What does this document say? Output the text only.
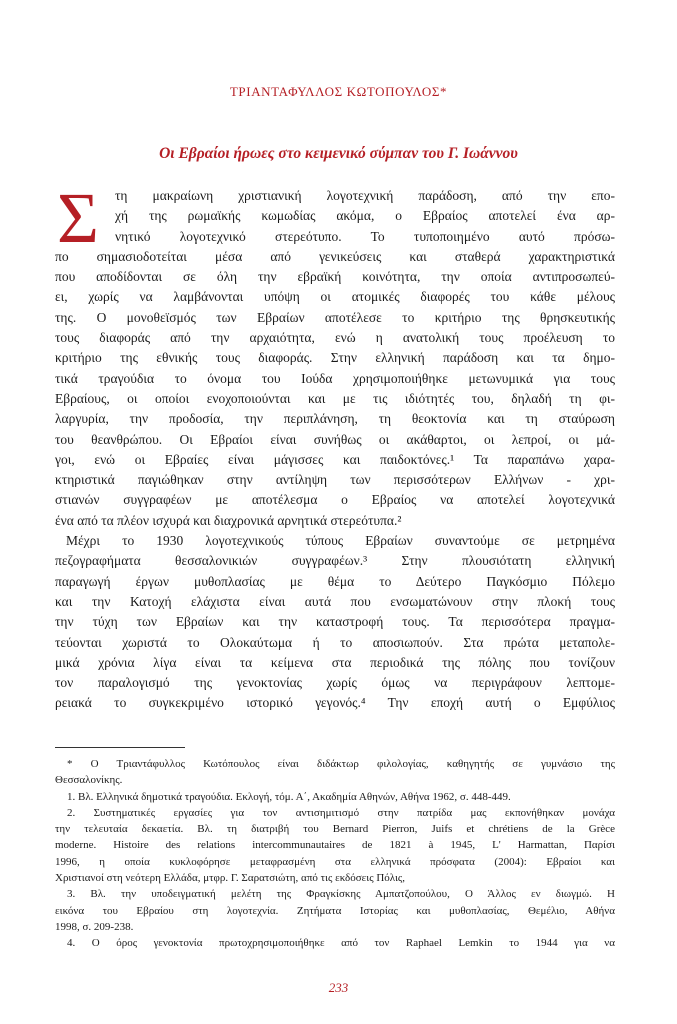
ΤΡΙΑΝΤΑΦΥΛΛΟΣ ΚΩΤΟΠΟΥΛΟΣ*
Οι Εβραίοι ήρωες στο κειμενικό σύμπαν του Γ. Ιωάννου
Σ	τη μακραίωνη χριστιανική λογοτεχνική παράδοση, από την επο-
χή της ρωμαϊκής κωμωδίας ακόμα, ο Εβραίος αποτελεί ένα αρ-
νητικό λογοτεχνικό στερεότυπο. Το τυποποιημένο αυτό πρόσω-
πο σημασιοδοτείται μέσα από γενικεύσεις και σταθερά χαρακτηριστικά
που αποδίδονται σε όλη την εβραϊκή κοινότητα, την οποία αντιπροσωπεύ-
ει, χωρίς να λαμβάνονται υπόψη οι ατομικές διαφορές του κάθε μέλους
της. Ο μονοθεϊσμός των Εβραίων αποτέλεσε το κριτήριο της θρησκευτικής
τους διαφοράς από την αρχαιότητα, ενώ η ανατολική τους προέλευση το
κριτήριο της εθνικής τους διαφοράς. Στην ελληνική παράδοση και τα δημο-
τικά τραγούδια το όνομα του Ιούδα χρησιμοποιήθηκε μετωνυμικά για τους
Εβραίους, οι οποίοι ενοχοποιούνται και με τις ιδιότητές του, δηλαδή τη φι-
λαργυρία, την προδοσία, την περιπλάνηση, τη θεοκτονία και τη σταύρωση
του θεανθρώπου. Οι Εβραίοι είναι συνήθως οι ακάθαρτοι, οι λεπροί, οι μά-
γοι, ενώ οι Εβραίες είναι μάγισσες και παιδοκτόνες.¹ Τα παραπάνω χαρα-
κτηριστικά παγιώθηκαν στην αντίληψη των περισσότερων Ελλήνων - χρι-
στιανών συγγραφέων με αποτέλεσμα ο Εβραίος να αποτελεί λογοτεχνικά
ένα από τα πλέον ισχυρά και διαχρονικά αρνητικά στερεότυπα.²
Μέχρι το 1930 λογοτεχνικούς τύπους Εβραίων συναντούμε σε μετρημένα
πεζογραφήματα θεσσαλονικιών συγγραφέων.³ Στην πλουσιότατη ελληνική
παραγωγή έργων μυθοπλασίας με θέμα το Δεύτερο Παγκόσμιο Πόλεμο
και την Κατοχή ελάχιστα είναι αυτά που ενσωματώνουν στην πλοκή τους
την τύχη των Εβραίων και την καταστροφή τους. Τα περισσότερα πραγμα-
τεύονται χωριστά το Ολοκαύτωμα ή το αποσιωπούν. Στα πρώτα μεταπολε-
μικά χρόνια λίγα είναι τα κείμενα στα περιοδικά της πόλης που τονίζουν
τον παραλογισμό της γενοκτονίας χωρίς όμως να περιγράφουν λεπτομε-
ρειακά το συγκεκριμένο ιστορικό γεγονός.⁴ Την εποχή αυτή ο Εμφύλιος
* Ο Τριαντάφυλλος Κωτόπουλος είναι διδάκτωρ φιλολογίας, καθηγητής σε γυμνάσιο της
Θεσσαλονίκης.
1. Βλ. Ελληνικά δημοτικά τραγούδια. Εκλογή, τόμ. Α΄, Ακαδημία Αθηνών, Αθήνα 1962, σ. 448-449.
2. Συστηματικές εργασίες για τον αντισημιτισμό στην πατρίδα μας εκπονήθηκαν μονάχα
την τελευταία δεκαετία. Βλ. τη διατριβή του Bernard Pierron, Juifs et chrétiens de la Grèce
moderne. Histoire des relations intercommunautaires de 1821 à 1945, L' Harmattan, Παρίσι
1996, η οποία κυκλοφόρησε μεταφρασμένη στα ελληνικά πρόσφατα (2004): Εβραίοι και
Χριστιανοί στη νεότερη Ελλάδα, μτφρ. Γ. Σαρατσιώτη, από τις εκδόσεις Πόλις,
3. Βλ. την υποδειγματική μελέτη της Φραγκίσκης Αμπατζοπούλου, Ο Άλλος εν διωγμώ. Η
εικόνα του Εβραίου στη λογοτεχνία. Ζητήματα Ιστορίας και μυθοπλασίας, Θεμέλιο, Αθήνα
1998, σ. 209-238.
4. Ο όρος γενοκτονία πρωτοχρησιμοποιήθηκε από τον Raphael Lemkin το 1944 για να
233
